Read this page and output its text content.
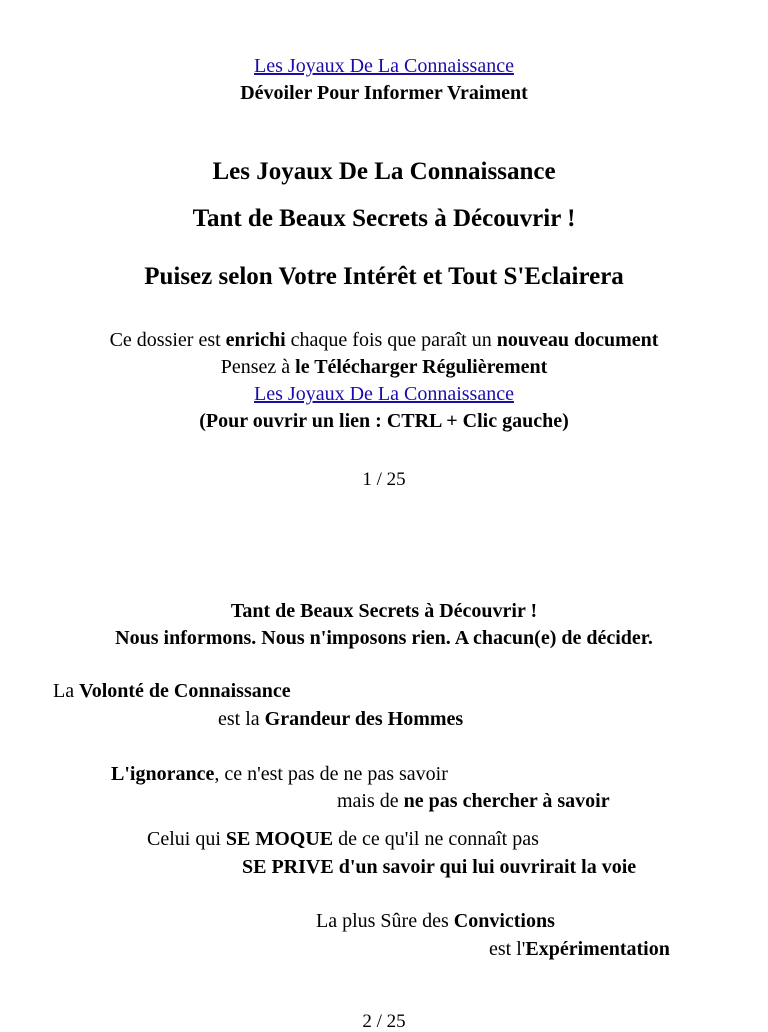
Les Joyaux De La Connaissance
Dévoiler Pour Informer Vraiment
Les Joyaux De La Connaissance
Tant de Beaux Secrets à Découvrir !
Puisez selon Votre Intérêt et Tout S'Eclairera
Ce dossier est enrichi chaque fois que paraît un nouveau document
Pensez à le Télécharger Régulièrement
Les Joyaux De La Connaissance
(Pour ouvrir un lien : CTRL + Clic gauche)
1 / 25
Tant de Beaux Secrets à Découvrir !
Nous informons. Nous n'imposons rien. A chacun(e) de décider.
La Volonté de Connaissance
est la Grandeur des Hommes
L'ignorance, ce n'est pas de ne pas savoir
mais de ne pas chercher à savoir
Celui qui SE MOQUE de ce qu'il ne connaît pas
SE PRIVE d'un savoir qui lui ouvrirait la voie
La plus Sûre des Convictions
est l'Expérimentation
2 / 25
